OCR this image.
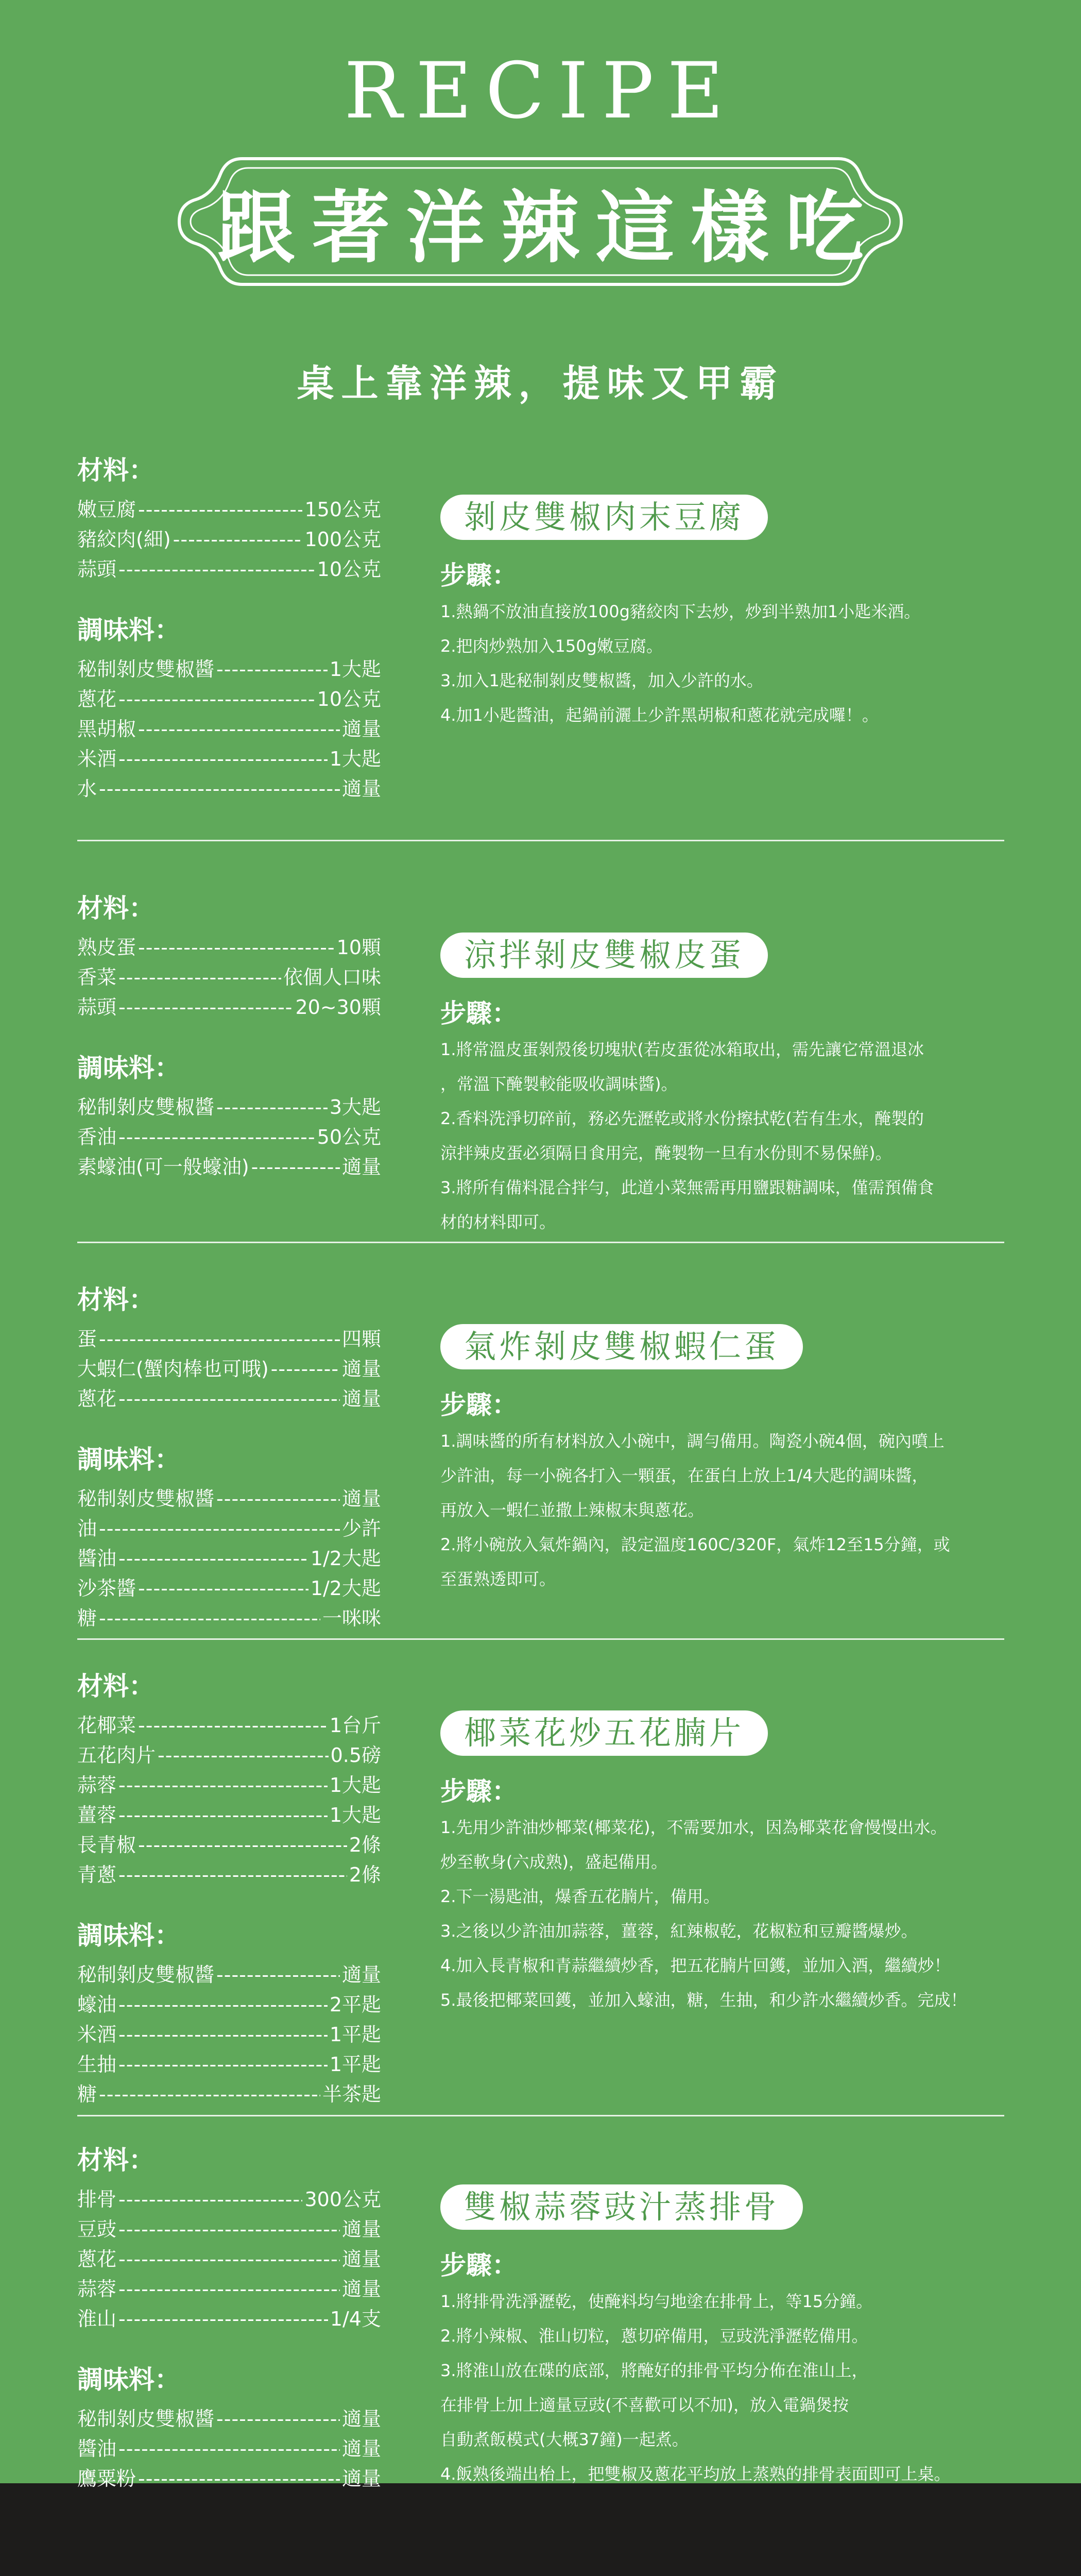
RECIPE
跟著洋辣這樣吃
桌上靠洋辣，提味又甲霸
材料：
嫩豆腐 -----	150公克
豬絞肉(細) -----	100公克
蒜頭 -----	10公克
調味料：
秘制剝皮雙椒醬 -----	1大匙
蔥花 -----	10公克
黑胡椒 -----	適量
米酒 -----	1大匙
水 -----	適量
剝皮雙椒肉末豆腐
步驟：
1.熱鍋不放油直接放100g豬絞肉下去炒，炒到半熟加1小匙米酒。
2.把肉炒熟加入150g嫩豆腐。
3.加入1匙秘制剝皮雙椒醬，加入少許的水。
4.加1小匙醬油，起鍋前灑上少許黑胡椒和蔥花就完成囉！。
材料：
熟皮蛋 -----	10顆
香菜 -----	依個人口味
蒜頭 -----	20~30顆
調味料：
秘制剝皮雙椒醬 -----	3大匙
香油 -----	50公克
素蠔油(可一般蠔油) -----	適量
涼拌剝皮雙椒皮蛋
步驟：
1.將常溫皮蛋剝殼後切塊狀(若皮蛋從冰箱取出，需先讓它常溫退冰
，常溫下醃製較能吸收調味醬)。
2.香料洗淨切碎前，務必先瀝乾或將水份擦拭乾(若有生水，醃製的
涼拌辣皮蛋必須隔日食用完，醃製物一旦有水份則不易保鮮)。
3.將所有備料混合拌勻，此道小菜無需再用鹽跟糖調味，僅需預備食
材的材料即可。
材料：
蛋 -----	四顆
大蝦仁(蟹肉棒也可哦) -----	適量
蔥花 -----	適量
調味料：
秘制剝皮雙椒醬 -----	適量
油 -----	少許
醬油 -----	1/2大匙
沙茶醬 -----	1/2大匙
糖 -----	一咪咪
氣炸剝皮雙椒蝦仁蛋
步驟：
1.調味醬的所有材料放入小碗中，調勻備用。陶瓷小碗4個，碗內噴上
少許油，每一小碗各打入一顆蛋，在蛋白上放上1/4大匙的調味醬，
再放入一蝦仁並撒上辣椒末與蔥花。
2.將小碗放入氣炸鍋內，設定溫度160C/320F，氣炸12至15分鐘，或
至蛋熟透即可。
材料：
花椰菜 -----	1台斤
五花肉片 -----	0.5磅
蒜蓉 -----	1大匙
薑蓉 -----	1大匙
長青椒 -----	2條
青蔥 -----	2條
調味料：
秘制剝皮雙椒醬 -----	適量
蠔油 -----	2平匙
米酒 -----	1平匙
生抽 -----	1平匙
糖 -----	半茶匙
椰菜花炒五花腩片
步驟：
1.先用少許油炒椰菜(椰菜花)，不需要加水，因為椰菜花會慢慢出水。
炒至軟身(六成熟)，盛起備用。
2.下一湯匙油，爆香五花腩片，備用。
3.之後以少許油加蒜蓉，薑蓉，紅辣椒乾，花椒粒和豆瓣醬爆炒。
4.加入長青椒和青蒜繼續炒香，把五花腩片回鑊，並加入酒，繼續炒！
5.最後把椰菜回鑊，並加入蠔油，糖，生抽，和少許水繼續炒香。完成！
材料：
排骨 -----	300公克
豆豉 -----	適量
蔥花 -----	適量
蒜蓉 -----	適量
淮山 -----	1/4支
調味料：
秘制剝皮雙椒醬 -----	適量
醬油 -----	適量
鷹粟粉 -----	適量
雙椒蒜蓉豉汁蒸排骨
步驟：
1.將排骨洗淨瀝乾，使醃料均勻地塗在排骨上，等15分鐘。
2.將小辣椒、淮山切粒，蔥切碎備用，豆豉洗淨瀝乾備用。
3.將淮山放在碟的底部，將醃好的排骨平均分佈在淮山上，
在排骨上加上適量豆豉(不喜歡可以不加)，放入電鍋煲按
自動煮飯模式(大概37鐘)一起煮。
4.飯熟後端出枱上，把雙椒及蔥花平均放上蒸熟的排骨表面即可上桌。
